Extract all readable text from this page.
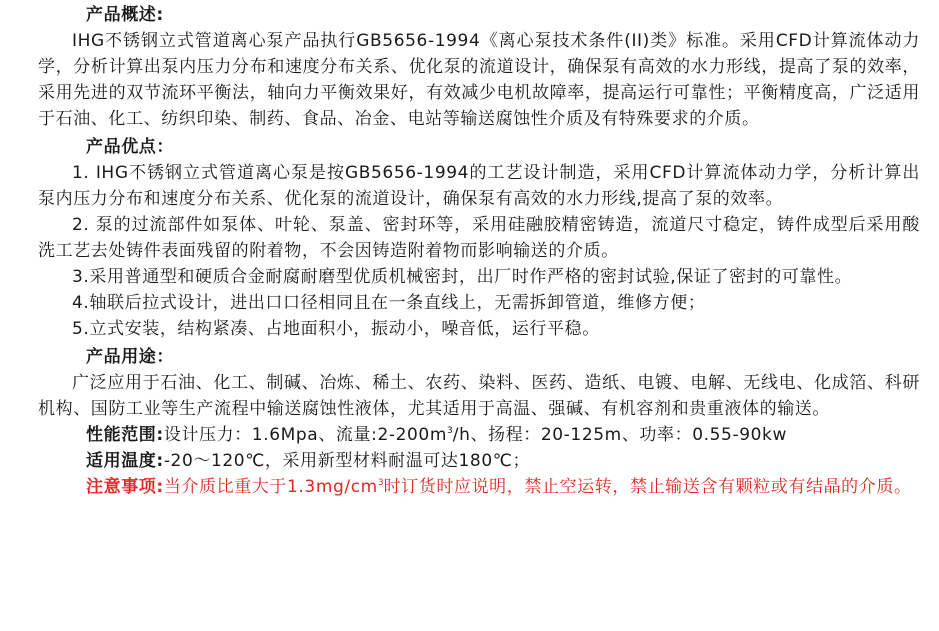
产品概述:

IHG不锈钢立式管道离心泵产品执行GB5656-1994《离心泵技术条件(II)类》标准。采用CFD计算流体动力学，分析计算出泵内压力分布和速度分布关系、优化泵的流道设计，确保泵有高效的水力形线，提高了泵的效率，采用先进的双节流环平衡法，轴向力平衡效果好，有效减少电机故障率，提高运行可靠性；平衡精度高，广泛适用于石油、化工、纺织印染、制药、食品、冶金、电站等输送腐蚀性介质及有特殊要求的介质。

产品优点：

1. IHG不锈钢立式管道离心泵是按GB5656-1994的工艺设计制造，采用CFD计算流体动力学，分析计算出泵内压力分布和速度分布关系、优化泵的流道设计，确保泵有高效的水力形线,提高了泵的效率。

2. 泵的过流部件如泵体、叶轮、泵盖、密封环等，采用硅融胶精密铸造，流道尺寸稳定，铸件成型后采用酸洗工艺去处铸件表面残留的附着物，不会因铸造附着物而影响输送的介质。

3.采用普通型和硬质合金耐腐耐磨型优质机械密封，出厂时作严格的密封试验,保证了密封的可靠性。

4.轴联后拉式设计，进出口口径相同且在一条直线上，无需拆卸管道，维修方便；

5.立式安装，结构紧凑、占地面积小，振动小，噪音低，运行平稳。

产品用途：

广泛应用于石油、化工、制碱、冶炼、稀土、农药、染料、医药、造纸、电镀、电解、无线电、化成箔、科研机构、国防工业等生产流程中输送腐蚀性液体，尤其适用于高温、强碱、有机容剂和贵重液体的输送。

性能范围:设计压力：1.6Mpa、流量$:2-200m^3/h$、扬程：20-125m、功率：0.55-90kw

适用温度:-20～120℃，采用新型材料耐温可达180℃；

注意事项:当介质比重大于$1.3mg/cm^3$时订货时应说明，禁止空运转，禁止输送含有颗粒或有结晶的介质。
